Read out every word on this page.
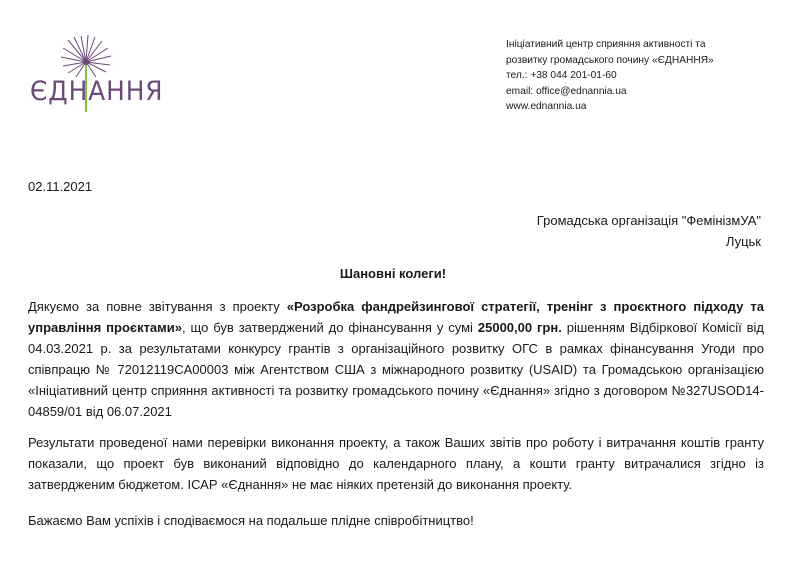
ЄДНАННЯ
Ініціативний центр сприяння активності та
розвитку громадського почину «ЄДНАННЯ»
тел.: +38 044 201-01-60
email: office@ednannia.ua
www.ednannia.ua
02.11.2021
Громадська організація "ФемінізмУА"
Луцьк
Шановні колеги!

Дякуємо за повне звітування з проекту «Розробка фандрейзингової стратегії, тренінг з проєктного підходу та управління проєктами», що був затверджений до фінансування у сумі 25000,00 грн. рішенням Відбіркової Комісії від 04.03.2021 р. за результатами конкурсу грантів з організаційного розвитку ОГС в рамках фінансування Угоди про співпрацю № 72012119CA00003 між Агентством США з міжнародного розвитку (USAID) та Громадською організацією «Ініціативний центр сприяння активності та розвитку громадського почину «Єднання» згідно з договором №327USOD14-04859/01 від 06.07.2021

Результати проведеної нами перевірки виконання проекту, а також Ваших звітів про роботу і витрачання коштів гранту показали, що проект був виконаний відповідно до календарного плану, а кошти гранту витрачалися згідно із затвердженим бюджетом. ІСАР «Єднання» не має ніяких претензій до виконання проекту.

Бажаємо Вам успіхів і сподіваємося на подальше плідне співробітництво!
